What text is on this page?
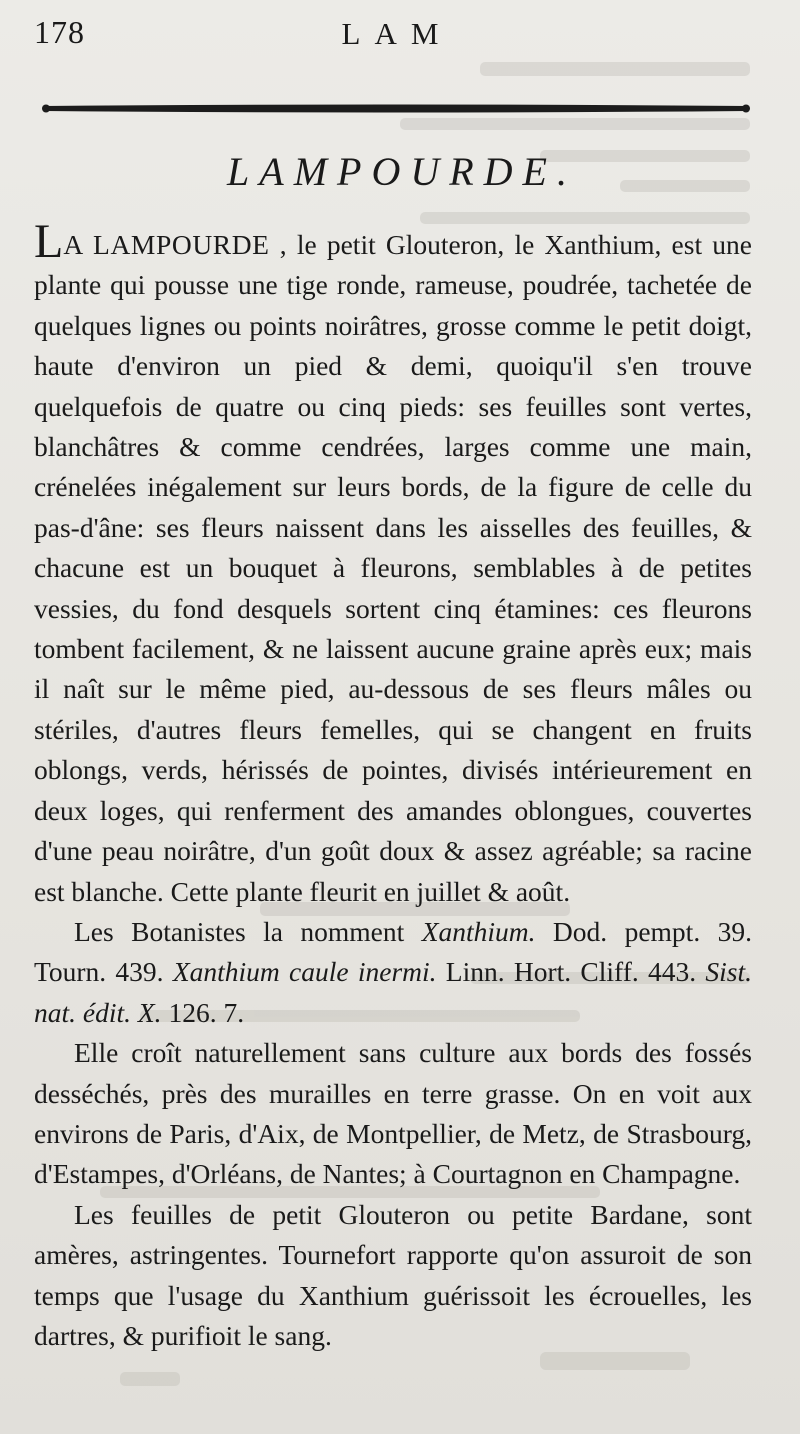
178	LAM
LAMPOURDE.

LA LAMPOURDE , le petit Glouteron, le Xanthium, est une plante qui pousse une tige ronde, rameuse, poudrée, tachetée de quelques lignes ou points noirâtres, grosse comme le petit doigt, haute d'environ un pied & demi, quoiqu'il s'en trouve quelquefois de quatre ou cinq pieds: ses feuilles sont vertes, blanchâtres & comme cendrées, larges comme une main, crénelées inégalement sur leurs bords, de la figure de celle du pas-d'âne: ses fleurs naissent dans les aisselles des feuilles, & chacune est un bouquet à fleurons, semblables à de petites vessies, du fond desquels sortent cinq étamines: ces fleurons tombent facilement, & ne laissent aucune graine après eux; mais il naît sur le même pied, au-dessous de ses fleurs mâles ou stériles, d'autres fleurs femelles, qui se changent en fruits oblongs, verds, hérissés de pointes, divisés intérieurement en deux loges, qui renferment des amandes oblongues, couvertes d'une peau noirâtre, d'un goût doux & assez agréable; sa racine est blanche. Cette plante fleurit en juillet & août.

Les Botanistes la nomment Xanthium. Dod. pempt. 39. Tourn. 439. Xanthium caule inermi. Linn. Hort. Cliff. 443. Sist. nat. édit. X. 126. 7.

Elle croît naturellement sans culture aux bords des fossés desséchés, près des murailles en terre grasse. On en voit aux environs de Paris, d'Aix, de Montpellier, de Metz, de Strasbourg, d'Estampes, d'Orléans, de Nantes; à Courtagnon en Champagne.

Les feuilles de petit Glouteron ou petite Bardane, sont amères, astringentes. Tournefort rapporte qu'on assuroit de son temps que l'usage du Xanthium guérissoit les écrouelles, les dartres, & purifioit le sang.
